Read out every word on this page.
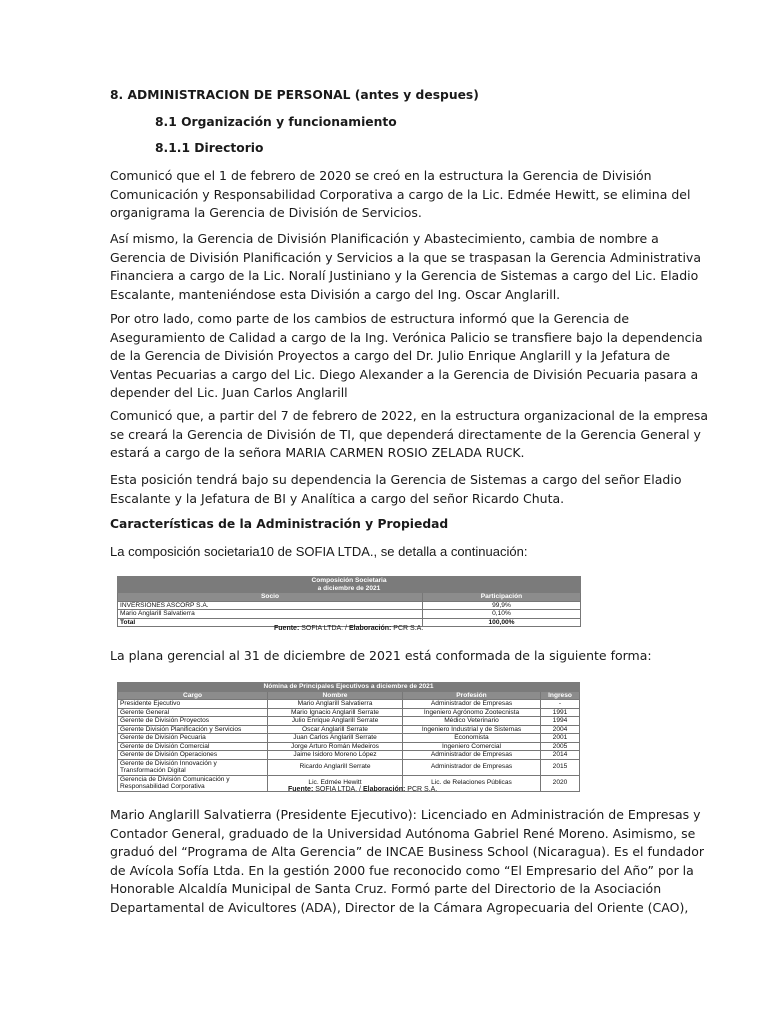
8. ADMINISTRACION DE PERSONAL (antes y despues)
8.1 Organización y funcionamiento
8.1.1 Directorio
Comunicó que el 1 de febrero de 2020 se creó en la estructura la Gerencia de División
Comunicación y Responsabilidad Corporativa a cargo de la Lic. Edmée Hewitt, se elimina del
organigrama la Gerencia de División de Servicios.
Así mismo, la Gerencia de División Planificación y Abastecimiento, cambia de nombre a
Gerencia de División Planificación y Servicios a la que se traspasan la Gerencia Administrativa
Financiera a cargo de la Lic. Noralí Justiniano y la Gerencia de Sistemas a cargo del Lic. Eladio
Escalante, manteniéndose esta División a cargo del Ing. Oscar Anglarill.
Por otro lado, como parte de los cambios de estructura informó que la Gerencia de
Aseguramiento de Calidad a cargo de la Ing. Verónica Palicio se transfiere bajo la dependencia
de la Gerencia de División Proyectos a cargo del Dr. Julio Enrique Anglarill y la Jefatura de
Ventas Pecuarias a cargo del Lic. Diego Alexander a la Gerencia de División Pecuaria pasara a
depender del Lic. Juan Carlos Anglarill
Comunicó que, a partir del 7 de febrero de 2022, en la estructura organizacional de la empresa
se creará la Gerencia de División de TI, que dependerá directamente de la Gerencia General y
estará a cargo de la señora MARIA CARMEN ROSIO ZELADA RUCK.
Esta posición tendrá bajo su dependencia la Gerencia de Sistemas a cargo del señor Eladio
Escalante y la Jefatura de BI y Analítica a cargo del señor Ricardo Chuta.
Características de la Administración y Propiedad
La composición societaria10 de SOFIA LTDA., se detalla a continuación:
Composición Societaria
a diciembre de 2021	

Socio	Participación
INVERSIONES ASCORP S.A.	99,9%
Mario Anglarill Salvatierra	0,10%
Total	100,00%
Fuente: SOFIA LTDA. / Elaboración: PCR S.A.

La plana gerencial al 31 de diciembre de 2021 está conformada de la siguiente forma:
Nómina de Principales Ejecutivos a diciembre de 2021			
Cargo	Nombre	Profesión	Ingreso
Presidente Ejecutivo	Mario Anglarill Salvatierra	Administrador de Empresas	-
Gerente General	Mario Ignacio Anglarill Serrate	Ingeniero Agrónomo Zootecnista	1991
Gerente de División Proyectos	Julio Enrique Anglarill Serrate	Médico Veterinario	1994
Gerente División Planificación y Servicios	Oscar Anglarill Serrate	Ingeniero Industrial y de Sistemas	2004
Gerente de División Pecuaria	Juan Carlos Anglarill Serrate	Economista	2001
Gerente de División Comercial	Jorge Arturo Román Medeiros	Ingeniero Comercial	2005
Gerente de División Operaciones	Jaime Isidoro Moreno López	Administrador de Empresas	2014

Gerente de División Innovación y
Transformación Digital	Ricardo Anglarill Serrate	Administrador de Empresas	2015

Gerencia de División Comunicación y
Responsabilidad Corporativa	Lic. Edmée Hewitt	Lic. de Relaciones Públicas	2020
Fuente: SOFIA LTDA. / Elaboración: PCR S.A.
Mario Anglarill Salvatierra (Presidente Ejecutivo): Licenciado en Administración de Empresas y
Contador General, graduado de la Universidad Autónoma Gabriel René Moreno. Asimismo, se
graduó del “Programa de Alta Gerencia” de INCAE Business School (Nicaragua). Es el fundador
de Avícola Sofía Ltda. En la gestión 2000 fue reconocido como “El Empresario del Año” por la
Honorable Alcaldía Municipal de Santa Cruz. Formó parte del Directorio de la Asociación
Departamental de Avicultores (ADA), Director de la Cámara Agropecuaria del Oriente (CAO),
